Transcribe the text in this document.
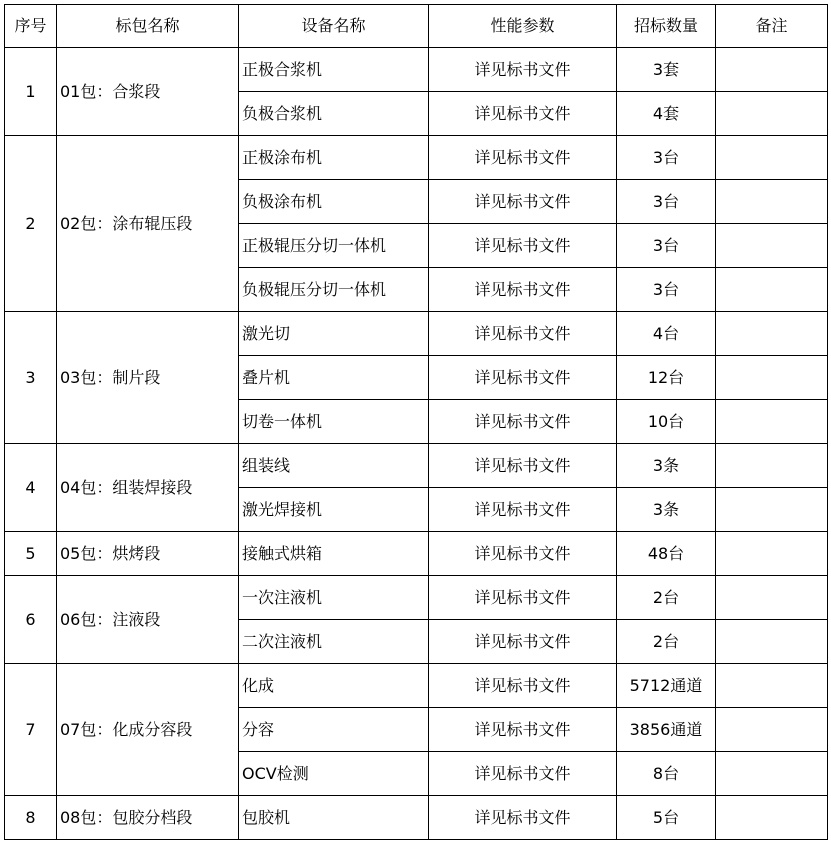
序号	标包名称	设备名称	性能参数	招标数量	备注
1	01包：合浆段	正极合浆机	详见标书文件	3套	
		负极合浆机	详见标书文件	4套	
2	02包：涂布辊压段	正极涂布机	详见标书文件	3台	
		负极涂布机	详见标书文件	3台	
		正极辊压分切一体机	详见标书文件	3台	
		负极辊压分切一体机	详见标书文件	3台	
3	03包：制片段	激光切	详见标书文件	4台	
		叠片机	详见标书文件	12台	
		切卷一体机	详见标书文件	10台	
4	04包：组装焊接段	组装线	详见标书文件	3条	
		激光焊接机	详见标书文件	3条	
5	05包：烘烤段	接触式烘箱	详见标书文件	48台	
6	06包：注液段	一次注液机	详见标书文件	2台	
		二次注液机	详见标书文件	2台	
7	07包：化成分容段	化成	详见标书文件	5712通道	
		分容	详见标书文件	3856通道	
		OCV检测	详见标书文件	8台	
8	08包：包胶分档段	包胶机	详见标书文件	5台	
